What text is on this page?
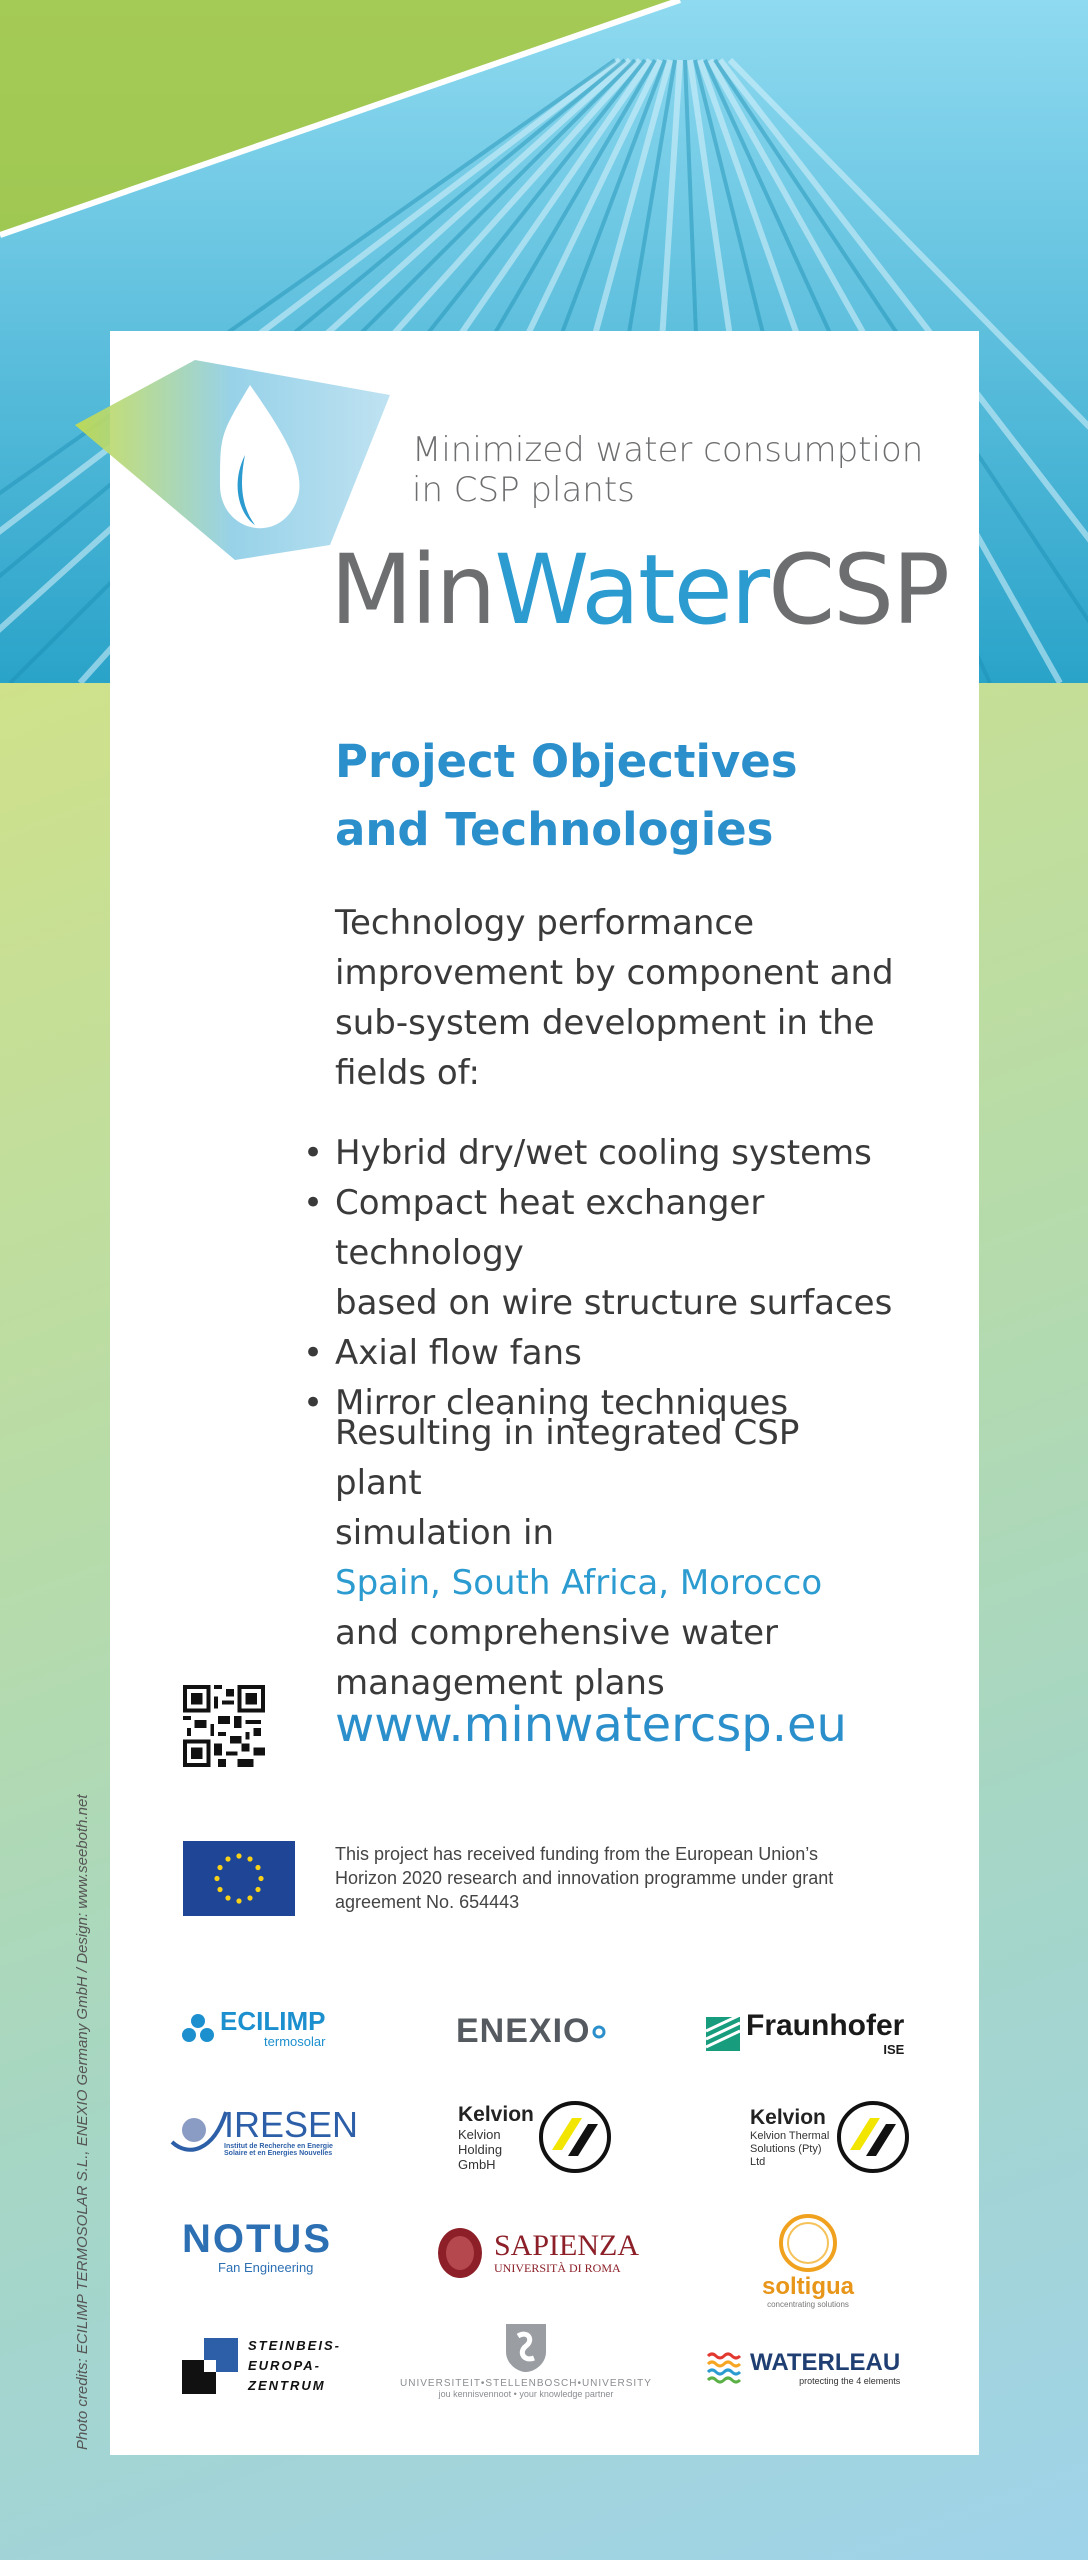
Minimized water consumption
in CSP plants
MinWaterCSP
Project Objectives
and Technologies
Technology performance
improvement by component and
sub-system development in the
fields of:
• Hybrid dry/wet cooling systems
• Compact heat exchanger technology
based on wire structure surfaces
• Axial flow fans
• Mirror cleaning techniques
Resulting in integrated CSP plant
simulation in
Spain, South Africa, Morocco
and comprehensive water
management plans
www.minwatercsp.eu
This project has received funding from the European Union’s
Horizon 2020 research and innovation programme under grant
agreement No. 654443
Photo credits: ECILIMP TERMOSOLAR S.L., ENEXIO Germany GmbH / Design: www.seeboth.net	ECILIMP
termosolar	ENEXIO	Fraunhofer
ISE
IRESEN
Institut de Recherche en Energie
Solaire et en Energies Nouvelles
Kelvion
Kelvion
Holding
GmbH
Kelvion
Kelvion Thermal
Solutions (Pty)
Ltd
NOTUS
Fan Engineering
SAPIENZA
UNIVERSITÀ DI ROMA
soltigua
concentrating solutions
STEINBEIS-
EUROPA-
ZENTRUM	UNIVERSITEIT•STELLENBOSCH•UNIVERSITY
jou kennisvennoot • your knowledge partner
WATERLEAU
protecting the 4 elements
